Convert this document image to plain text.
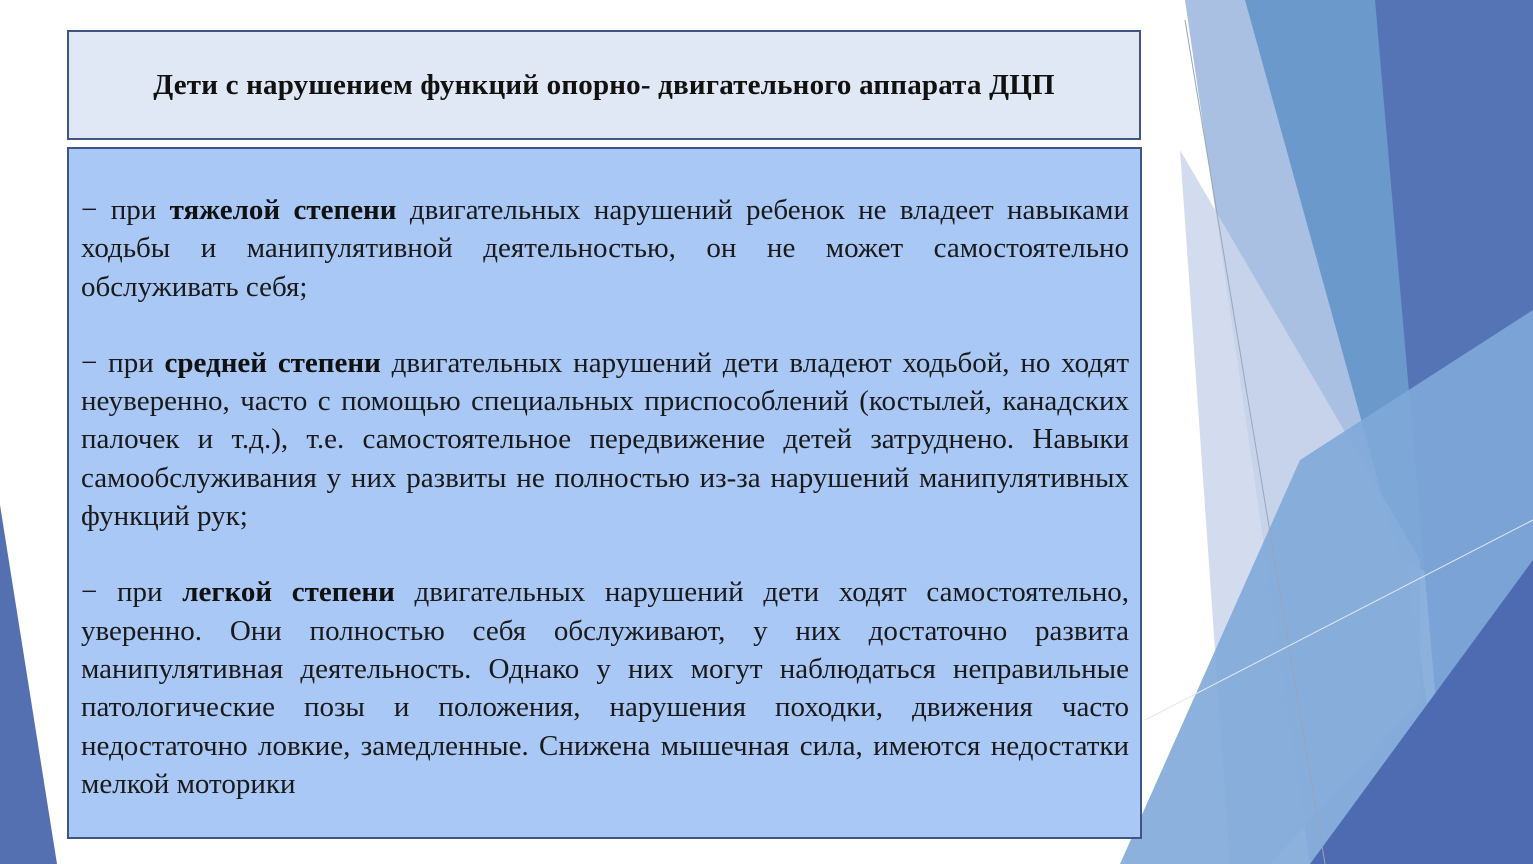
Дети с нарушением функций опорно- двигательного аппарата ДЦП

− при тяжелой степени двигательных нарушений ребенок не владеет навыками ходьбы и манипулятивной деятельностью, он не может самостоятельно обслуживать себя;

− при средней степени двигательных нарушений дети владеют ходьбой, но ходят неуверенно, часто с помощью специальных приспособлений (костылей, канадских палочек и т.д.), т.е. самостоятельное передвижение детей затруднено. Навыки самообслуживания у них развиты не полностью из-за нарушений манипулятивных функций рук;

− при легкой степени двигательных нарушений дети ходят самостоятельно, уверенно. Они полностью себя обслуживают, у них достаточно развита манипулятивная деятельность. Однако у них могут наблюдаться неправильные патологические позы и положения, нарушения походки, движения часто недостаточно ловкие, замедленные. Снижена мышечная сила, имеются недостатки мелкой моторики
